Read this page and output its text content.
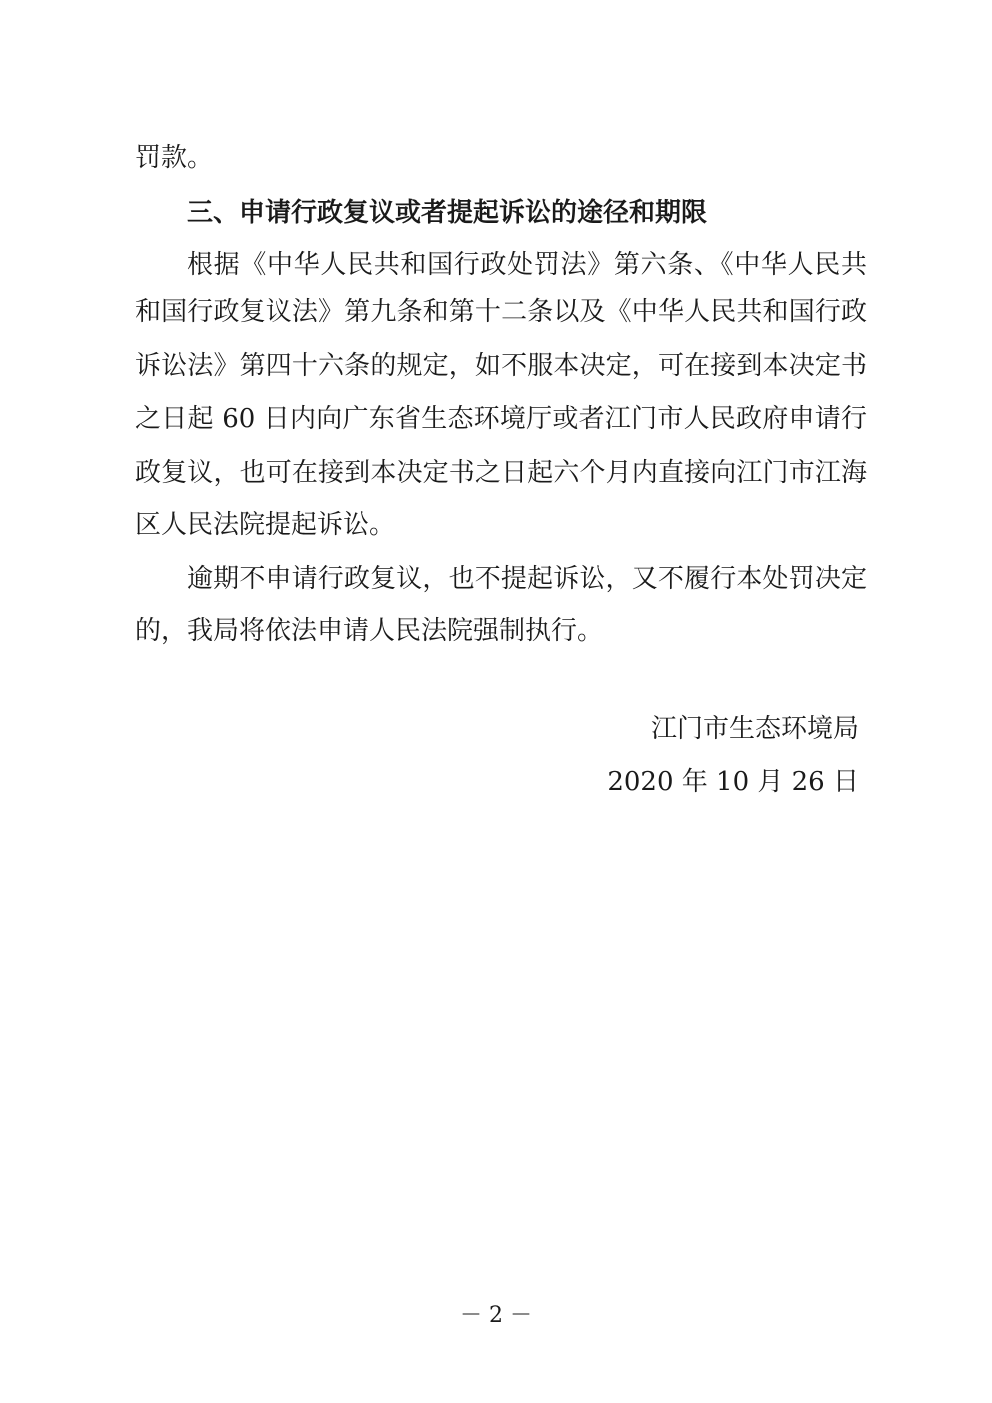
罚款。
三、申请行政复议或者提起诉讼的途径和期限
根据《中华人民共和国行政处罚法》第六条、《中华人民共
和国行政复议法》第九条和第十二条以及《中华人民共和国行政
诉讼法》第四十六条的规定，如不服本决定，可在接到本决定书
之日起 60 日内向广东省生态环境厅或者江门市人民政府申请行
政复议，也可在接到本决定书之日起六个月内直接向江门市江海
区人民法院提起诉讼。
逾期不申请行政复议，也不提起诉讼，又不履行本处罚决定
的，我局将依法申请人民法院强制执行。
江门市生态环境局
2020 年 10 月 26 日
－ 2 －
